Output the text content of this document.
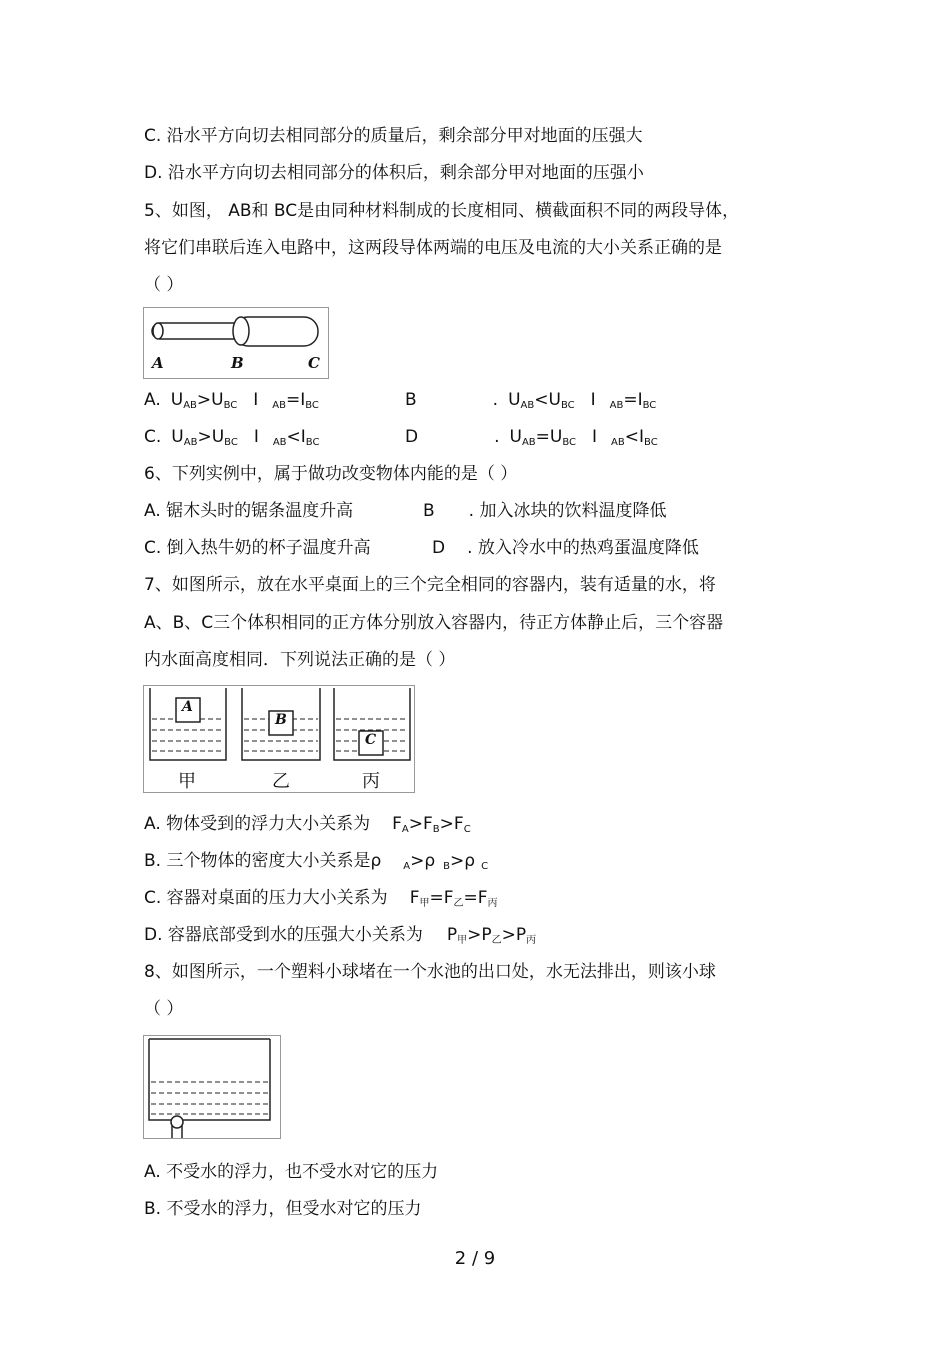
C. 沿水平方向切去相同部分的质量后，剩余部分甲对地面的压强大
D. 沿水平方向切去相同部分的体积后，剩余部分甲对地面的压强小
5、如图， AB和 BC是由同种材料制成的长度相同、横截面积不同的两段导体，
将它们串联后连入电路中，这两段导体两端的电压及电流的大小关系正确的是
（ ）
A	B	C
A. $U_{AB}>U_{BC}$ I $_{AB}=I_{BC}$	B	. $U_{AB}<U_{BC}$ I $_{AB}=I_{BC}$
C. $U_{AB}>U_{BC}$ I $_{AB}<I_{BC}$	D	. $U_{AB}=U_{BC}$ I $_{AB}<I_{BC}$
6、下列实例中，属于做功改变物体内能的是（ ）
A. 锯木头时的锯条温度升高	B . 加入冰块的饮料温度降低
C. 倒入热牛奶的杯子温度升高	D . 放入冷水中的热鸡蛋温度降低
7、如图所示，放在水平桌面上的三个完全相同的容器内，装有适量的水，将
A、B、C三个体积相同的正方体分别放入容器内，待正方体静止后，三个容器
内水面高度相同．下列说法正确的是（ ）
A
B
C
甲	乙	丙
A. 物体受到的浮力大小关系为 $F_A>F_B>F_C$
B. 三个物体的密度大小关系是ρ $_A$>ρ $_B$>ρ $_C$
C. 容器对桌面的压力大小关系为 $F_甲=F_乙=F_丙$
D. 容器底部受到水的压强大小关系为 $P_甲>P_乙>P_丙$
8、如图所示，一个塑料小球堵在一个水池的出口处，水无法排出，则该小球
（ ）
A. 不受水的浮力，也不受水对它的压力
B. 不受水的浮力，但受水对它的压力
2 / 9
